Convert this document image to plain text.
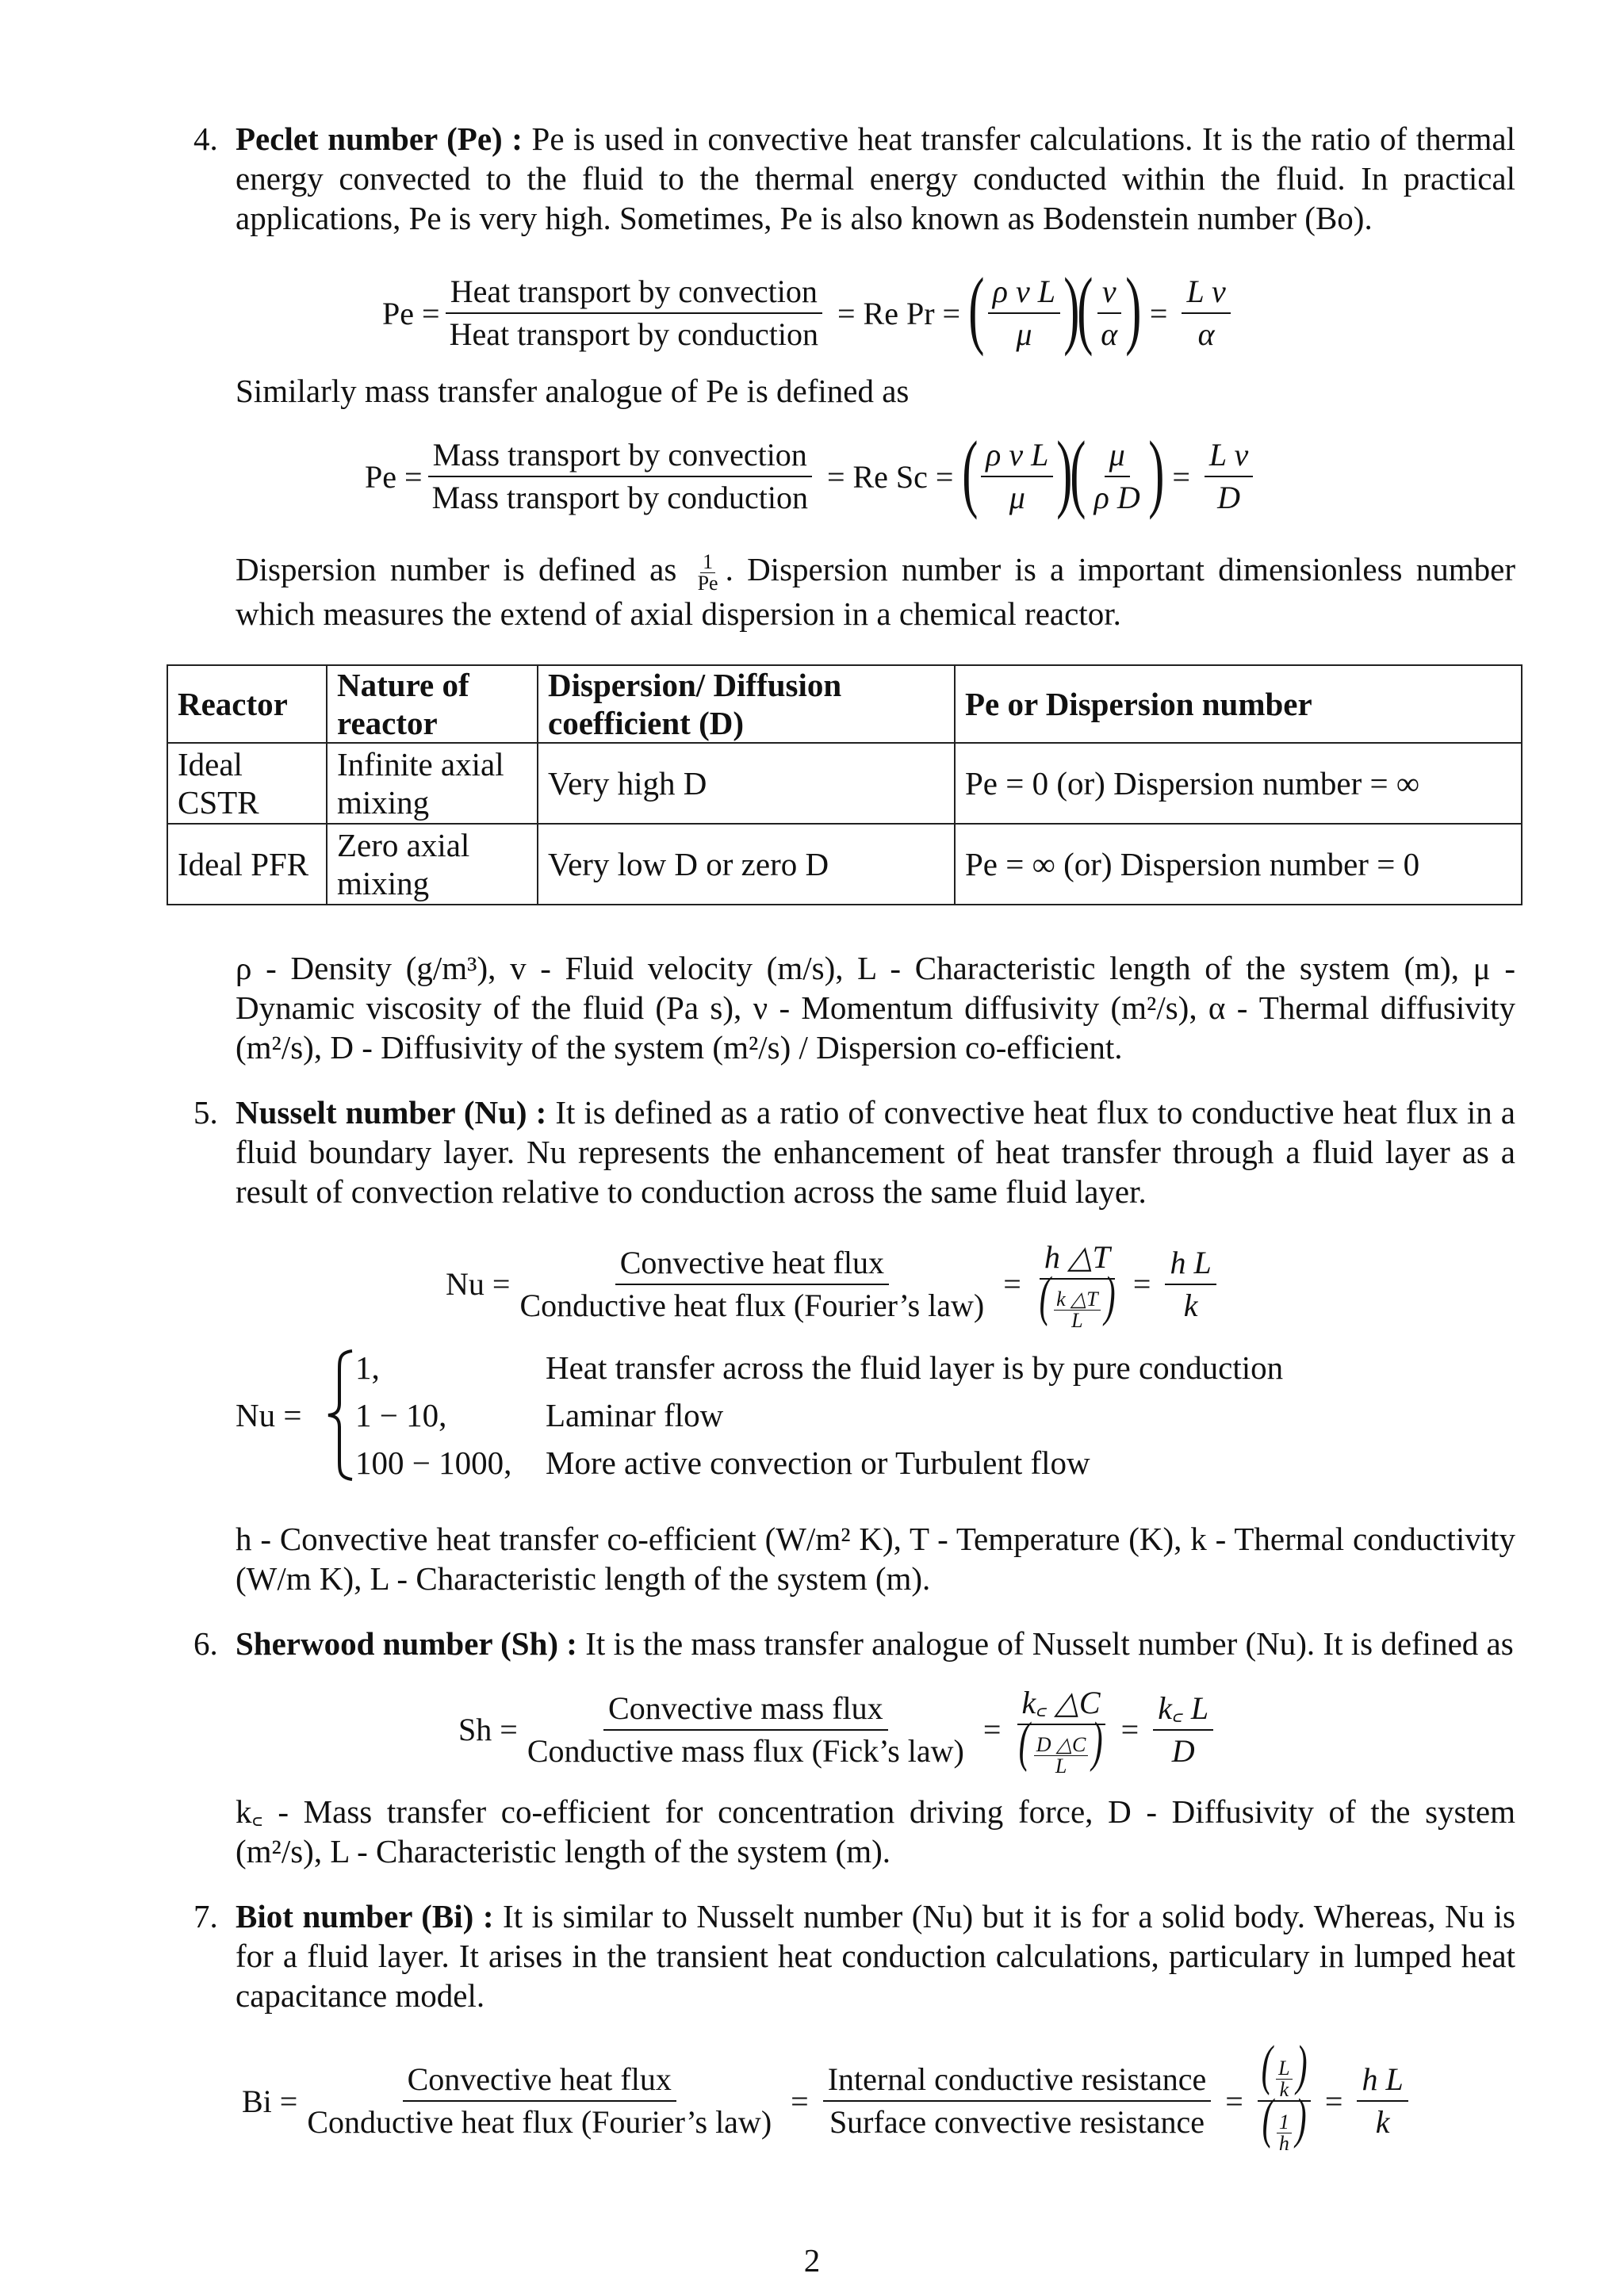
4. Peclet number (Pe) : Pe is used in convective heat transfer calculations. It is the ratio of thermal energy convected to the fluid to the thermal energy conducted within the fluid. In practical applications, Pe is very high. Sometimes, Pe is also known as Bodenstein number (Bo).
$Pe = \frac{\text{Heat transport by convection}}{\text{Heat transport by conduction}} = Re$ Pr = ( $\frac{\text{ρ v L}}{\mu}$ )
( $\frac{\nu}{\alpha}$ ) = $\frac{\text{L v}}{\alpha}$
Similarly mass transfer analogue of Pe is defined as
$Pe = \frac{\text{Mass transport by convection}}{\text{Mass transport by conduction}} = Re$ Sc = ( $\frac{\text{ρ v L}}{\mu}$ )
( $\frac{\mu}{\text{ρ D}}$ ) = $\frac{\text{L v}}{D}$
Dispersion number is defined as $\frac{1}{Pe}$ . Dispersion number is a important dimensionless number which measures the extend of axial dispersion in a chemical reactor.
Reactor	Nature of reactor	Dispersion/ Diffusion coefficient (D)	Pe or Dispersion number
Ideal CSTR	Infinite axial mixing	Very high D	Pe = 0 (or) Dispersion number = ∞
Ideal PFR	Zero axial mixing	Very low D or zero D	Pe = ∞ (or) Dispersion number = 0
ρ - Density (g/m³), v - Fluid velocity (m/s), L - Characteristic length of the system (m), μ - Dynamic viscosity of the fluid (Pa s), ν - Momentum diffusivity (m²/s), α - Thermal diffusivity (m²/s), D - Diffusivity of the system (m²/s) / Dispersion co-efficient.
5. Nusselt number (Nu) : It is defined as a ratio of convective heat flux to conductive heat flux in a fluid boundary layer. Nu represents the enhancement of heat transfer through a fluid layer as a result of convection relative to conduction across the same fluid layer.
$Nu = \frac{\text{Convective heat flux}}{\text{Conductive heat flux (Fourier’s law)}} = \frac{h \triangle T}{( \frac{k \triangle T}{L} )} = \frac{\text{h L}}{k}$
Nu =
1,	Heat transfer across the fluid layer is by pure conduction
1 − 10,	Laminar flow
100 − 1000, More active convection or Turbulent flow
h - Convective heat transfer co-efficient (W/m² K), T - Temperature (K), k - Thermal conductivity (W/m K), L - Characteristic length of the system (m).
6. Sherwood number (Sh) : It is the mass transfer analogue of Nusselt number (Nu). It is defined as
$Sh = \frac{\text{Convective mass flux}}{\text{Conductive mass flux (Fick’s law)}} = \frac{k꜀ \triangle C}{( \frac{D \triangle C}{L} )} = \frac{k꜀ L}{D}$
k꜀ - Mass transfer co-efficient for concentration driving force, D - Diffusivity of the system (m²/s), L - Characteristic length of the system (m).
7. Biot number (Bi) : It is similar to Nusselt number (Nu) but it is for a solid body. Whereas, Nu is for a fluid layer. It arises in the transient heat conduction calculations, particulary in lumped heat capacitance model.
$Bi = \frac{\text{Convective heat flux}}{\text{Conductive heat flux (Fourier’s law)}} = \frac{\text{Internal conductive resistance}}{\text{Surface convective resistance}} = \frac{( \frac{L}{k} )}{( \frac{1}{h} )} = \frac{\text{h L}}{k}$
2
